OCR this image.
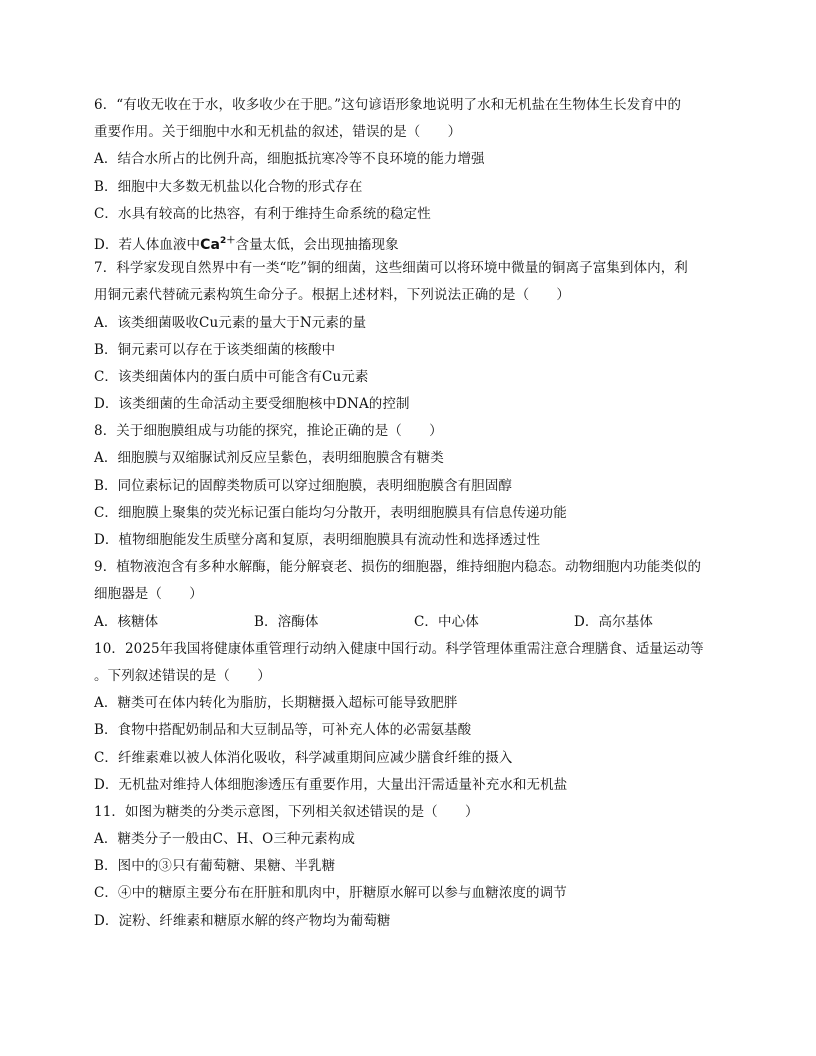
6．“有收无收在于水，收多收少在于肥。”这句谚语形象地说明了水和无机盐在生物体生长发育中的
重要作用。关于细胞中水和无机盐的叙述，错误的是（　　）
A．结合水所占的比例升高，细胞抵抗寒冷等不良环境的能力增强
B．细胞中大多数无机盐以化合物的形式存在
C．水具有较高的比热容，有利于维持生命系统的稳定性
D．若人体血液中$Ca^{2+}$含量太低，会出现抽搐现象
7．科学家发现自然界中有一类“吃”铜的细菌，这些细菌可以将环境中微量的铜离子富集到体内，利
用铜元素代替硫元素构筑生命分子。根据上述材料，下列说法正确的是（　　）
A．该类细菌吸收Cu元素的量大于N元素的量
B．铜元素可以存在于该类细菌的核酸中
C．该类细菌体内的蛋白质中可能含有Cu元素
D．该类细菌的生命活动主要受细胞核中DNA的控制
8．关于细胞膜组成与功能的探究，推论正确的是（　　）
A．细胞膜与双缩脲试剂反应呈紫色，表明细胞膜含有糖类
B．同位素标记的固醇类物质可以穿过细胞膜，表明细胞膜含有胆固醇
C．细胞膜上聚集的荧光标记蛋白能均匀分散开，表明细胞膜具有信息传递功能
D．植物细胞能发生质壁分离和复原，表明细胞膜具有流动性和选择透过性
9．植物液泡含有多种水解酶，能分解衰老、损伤的细胞器，维持细胞内稳态。动物细胞内功能类似的
细胞器是（　　）
A．核糖体	B．溶酶体	C．中心体	D．高尔基体
10．2025年我国将健康体重管理行动纳入健康中国行动。科学管理体重需注意合理膳食、适量运动等
。下列叙述错误的是（　　）
A．糖类可在体内转化为脂肪，长期糖摄入超标可能导致肥胖
B．食物中搭配奶制品和大豆制品等，可补充人体的必需氨基酸
C．纤维素难以被人体消化吸收，科学减重期间应减少膳食纤维的摄入
D．无机盐对维持人体细胞渗透压有重要作用，大量出汗需适量补充水和无机盐
11．如图为糖类的分类示意图，下列相关叙述错误的是（　　）
A．糖类分子一般由C、H、O三种元素构成
B．图中的③只有葡萄糖、果糖、半乳糖
C．④中的糖原主要分布在肝脏和肌肉中，肝糖原水解可以参与血糖浓度的调节
D．淀粉、纤维素和糖原水解的终产物均为葡萄糖
